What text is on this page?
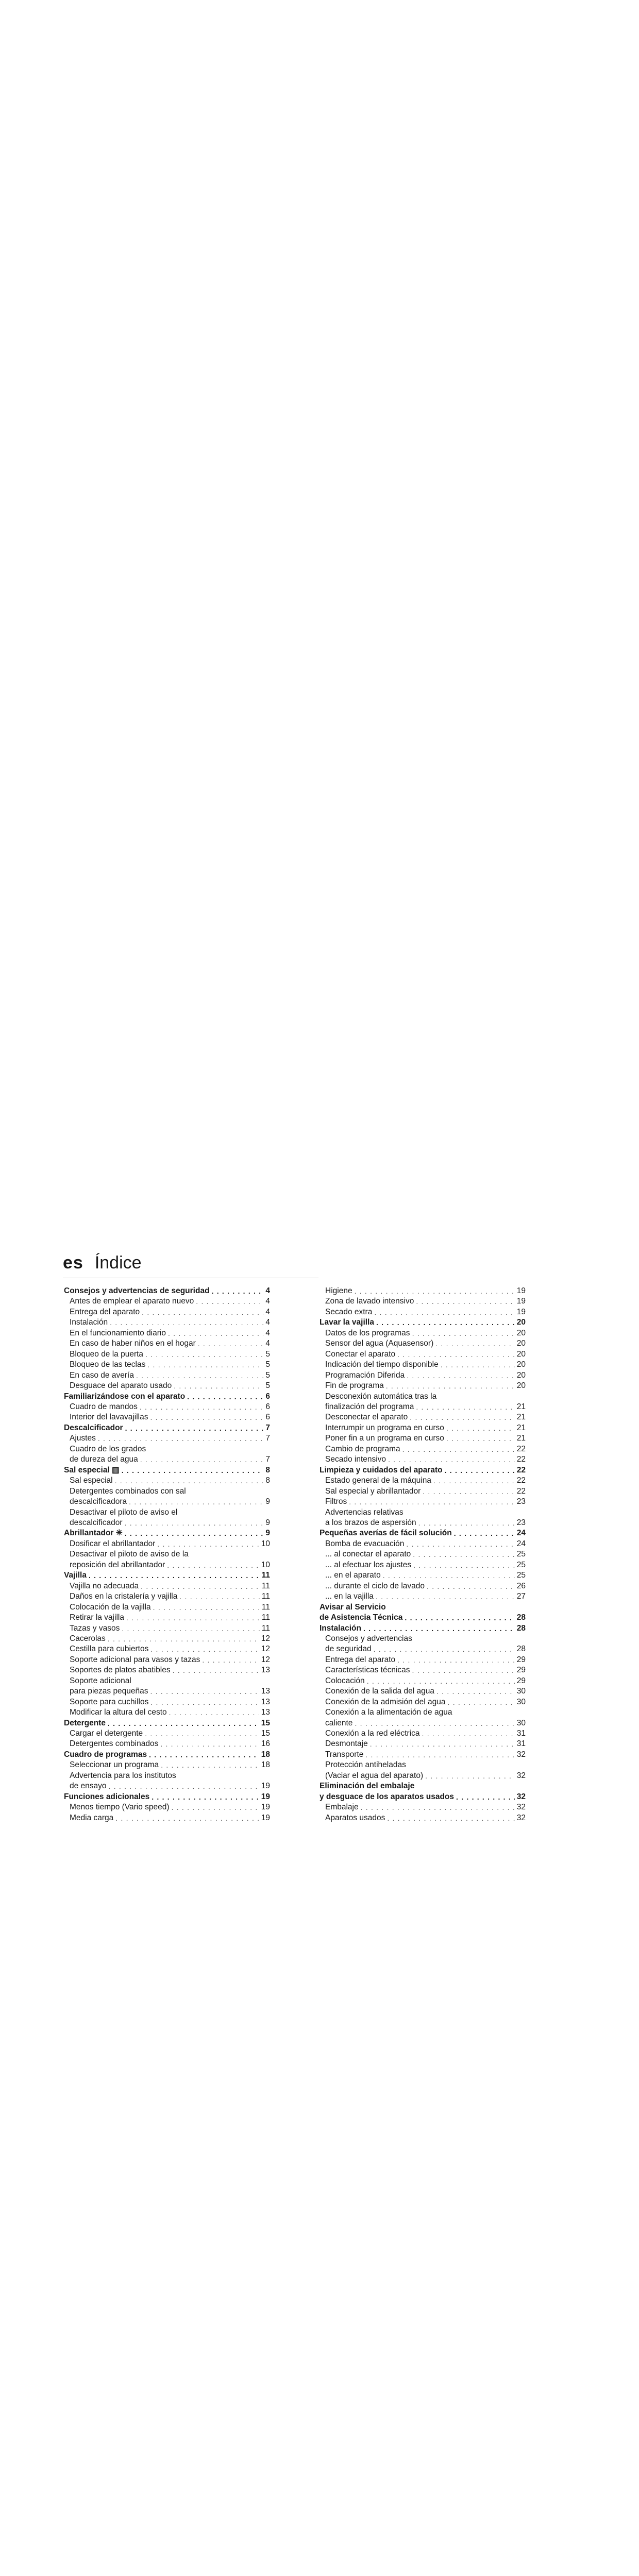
es Índice
Consejos y advertencias de seguridad . . .	4
Antes de emplear el aparato nuevo . . .	4
Entrega del aparato . . .	4
Instalación . . .	4
En el funcionamiento diario . . .	4
En caso de haber niños en el hogar . . .	4
Bloqueo de la puerta . . .	5
Bloqueo de las teclas . . .	5
En caso de avería . . .	5
Desguace del aparato usado . . .	5
Familiarizándose con el aparato . . .	6
Cuadro de mandos . . .	6
Interior del lavavajillas . . .	6
Descalcificador . . .	7
Ajustes . . .	7
Cuadro de los grados
de dureza del agua . . .	7
Sal especial ▥ . . .	8
Sal especial . . .	8
Detergentes combinados con sal
descalcificadora . . .	9
Desactivar el piloto de aviso el
descalcificador . . .	9
Abrillantador ✳ . . .	9
Dosificar el abrillantador . . .	10
Desactivar el piloto de aviso de la
reposición del abrillantador . . .	10
Vajilla . . .	11
Vajilla no adecuada . . .	11
Daños en la cristalería y vajilla . . .	11
Colocación de la vajilla . . .	11
Retirar la vajilla . . .	11
Tazas y vasos . . .	11
Cacerolas . . .	12
Cestilla para cubiertos . . .	12
Soporte adicional para vasos y tazas . . .	12
Soportes de platos abatibles . . .	13
Soporte adicional
para piezas pequeñas . . .	13
Soporte para cuchillos . . .	13
Modificar la altura del cesto . . .	13
Detergente . . .	15
Cargar el detergente . . .	15
Detergentes combinados . . .	16
Cuadro de programas . . .	18
Seleccionar un programa . . .	18
Advertencia para los institutos
de ensayo . . .	19
Funciones adicionales . . .	19
Menos tiempo (Vario speed) . . .	19
Media carga . . .	19
Higiene . . .	19
Zona de lavado intensivo . . .	19
Secado extra . . .	19
Lavar la vajilla . . .	20
Datos de los programas . . .	20
Sensor del agua (Aquasensor) . . .	20
Conectar el aparato . . .	20
Indicación del tiempo disponible . . .	20
Programación Diferida . . .	20
Fin de programa . . .	20
Desconexión automática tras la
finalización del programa . . .	21
Desconectar el aparato . . .	21
Interrumpir un programa en curso . . .	21
Poner fin a un programa en curso . . .	21
Cambio de programa . . .	22
Secado intensivo . . .	22
Limpieza y cuidados del aparato . . .	22
Estado general de la máquina . . .	22
Sal especial y abrillantador . . .	22
Filtros . . .	23
Advertencias relativas
a los brazos de aspersión . . .	23
Pequeñas averías de fácil solución . . .	24
Bomba de evacuación . . .	24
... al conectar el aparato . . .	25
... al efectuar los ajustes . . .	25
... en el aparato . . .	25
... durante el ciclo de lavado . . .	26
... en la vajilla . . .	27
Avisar al Servicio
de Asistencia Técnica . . .	28
Instalación . . .	28
Consejos y advertencias
de seguridad . . .	28
Entrega del aparato . . .	29
Características técnicas . . .	29
Colocación . . .	29
Conexión de la salida del agua . . .	30
Conexión de la admisión del agua . . .	30
Conexión a la alimentación de agua
caliente . . .	30
Conexión a la red eléctrica . . .	31
Desmontaje . . .	31
Transporte . . .	32
Protección antiheladas
(Vaciar el agua del aparato) . . .	32
Eliminación del embalaje
y desguace de los aparatos usados . . .	32
Embalaje . . .	32
Aparatos usados . . .	32
